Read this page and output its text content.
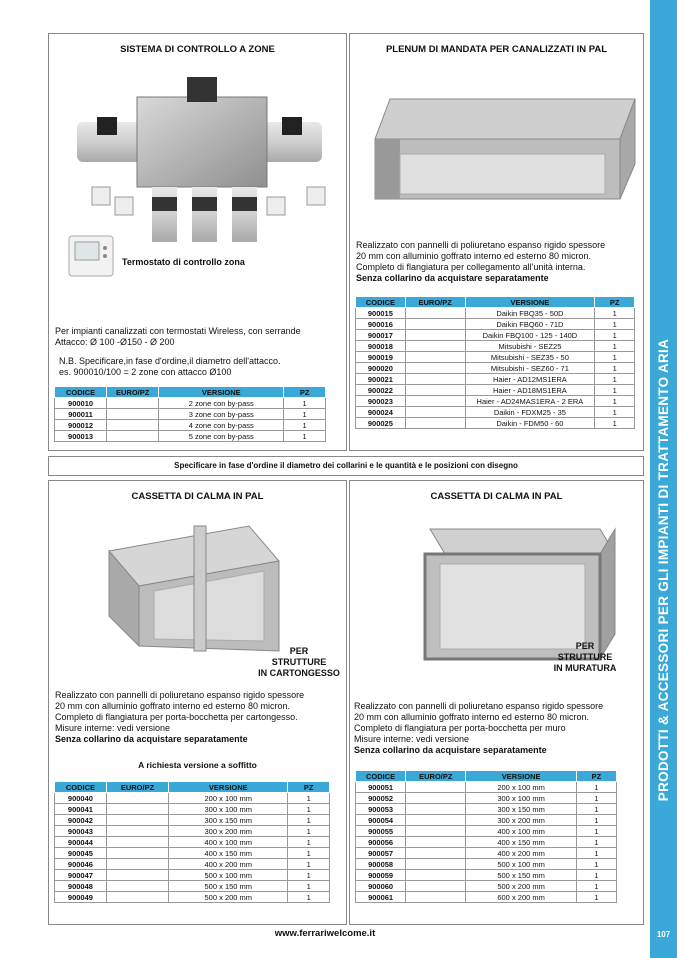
PRODOTTI & ACCESSORI PER GLI IMPIANTI DI TRATTAMENTO ARIA
107
SISTEMA DI CONTROLLO A ZONE
Termostato di controllo zona
Per impianti canalizzati con termostati Wireless, con serrande
Attacco: Ø 100 -Ø150 - Ø 200
N.B. Specificare,in fase d'ordine,il diametro dell'attacco.
es. 900010/100 = 2 zone con attacco Ø100
CODICE	EURO/PZ	VERSIONE	PZ
900010		2 zone con by-pass	1
900011		3 zone con by-pass	1
900012		4 zone con by-pass	1
900013		5 zone con by-pass	1
PLENUM DI MANDATA PER CANALIZZATI IN PAL
Realizzato con pannelli di poliuretano espanso rigido spessore
20 mm con alluminio goffrato interno ed esterno 80 micron.
Completo di flangiatura per collegamento all'unità interna.
Senza collarino da acquistare separatamente
CODICE	EURO/PZ	VERSIONE	PZ
900015		Daikin FBQ35 - 50D	1
900016		Daikin FBQ60 - 71D	1
900017		Daikin FBQ100 - 125 - 140D	1
900018		Mitsubishi - SEZ25	1
900019		Mitsubishi - SEZ35 - 50	1
900020		Mitsubishi - SEZ60 - 71	1
900021		Haier - AD12MS1ERA	1
900022		Haier - AD18MS1ERA	1
900023		Haier - AD24MAS1ERA - 2 ERA	1
900024		Daikin - FDXM25 - 35	1
900025		Daikin - FDM50 - 60	1
Specificare in fase d'ordine il diametro dei collarini e le quantità e le posizioni con disegno
CASSETTA DI CALMA IN PAL
PER
STRUTTURE
IN CARTONGESSO
Realizzato con pannelli di poliuretano espanso rigido spessore
20 mm con alluminio goffrato interno ed esterno 80 micron.
Completo di flangiatura per porta-bocchetta per cartongesso.
Misure interne: vedi versione
Senza collarino da acquistare separatamente
A richiesta versione a soffitto
CODICE	EURO/PZ	VERSIONE	PZ
900040		200 x 100 mm	1
900041		300 x 100 mm	1
900042		300 x 150 mm	1
900043		300 x 200 mm	1
900044		400 x 100 mm	1
900045		400 x 150 mm	1
900046		400 x 200 mm	1
900047		500 x 100 mm	1
900048		500 x 150 mm	1
900049		500 x 200 mm	1
CASSETTA DI CALMA IN PAL
PER
STRUTTURE
IN MURATURA
Realizzato con pannelli di poliuretano espanso rigido spessore
20 mm con alluminio goffrato interno ed esterno 80 micron.
Completo di flangiatura per porta-bocchetta per muro
Misure interne: vedi versione
Senza collarino da acquistare separatamente
CODICE	EURO/PZ	VERSIONE	PZ
900051		200 x 100 mm	1
900052		300 x 100 mm	1
900053		300 x 150 mm	1
900054		300 x 200 mm	1
900055		400 x 100 mm	1
900056		400 x 150 mm	1
900057		400 x 200 mm	1
900058		500 x 100 mm	1
900059		500 x 150 mm	1
900060		500 x 200 mm	1
900061		600 x 200 mm	1
www.ferrariwelcome.it
